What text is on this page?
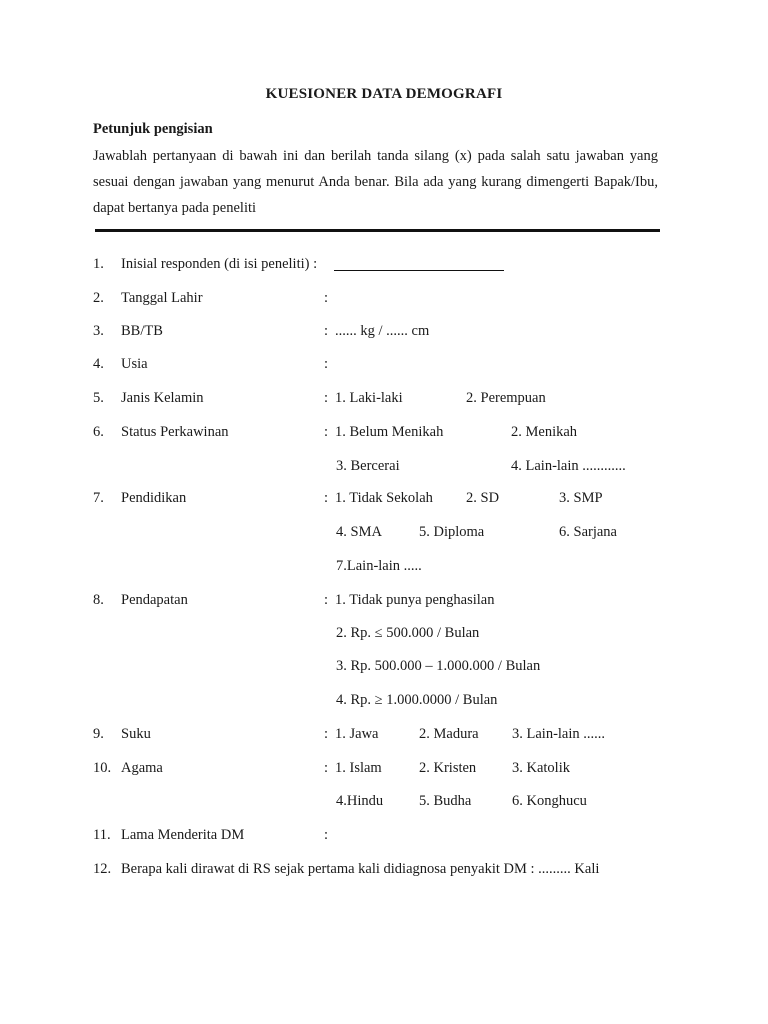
KUESIONER DATA DEMOGRAFI
Petunjuk pengisian
Jawablah pertanyaan di bawah ini dan berilah tanda silang (x) pada salah satu jawaban yang sesuai dengan jawaban yang menurut Anda benar. Bila ada yang kurang dimengerti Bapak/Ibu, dapat bertanya pada peneliti
1. Inisial responden (di isi peneliti) :
2. Tanggal Lahir	:
3. BB/TB	: ...... kg / ...... cm
4. Usia	:
5. Janis Kelamin	: 1. Laki-laki	2. Perempuan
6. Status Perkawinan	: 1. Belum Menikah	2. Menikah
3. Bercerai	4. Lain-lain ............
7. Pendidikan	: 1. Tidak Sekolah 2. SD	3. SMP
4. SMA	5. Diploma	6. Sarjana
7.Lain-lain .....
8. Pendapatan	: 1. Tidak punya penghasilan
2. Rp. ≤ 500.000 / Bulan
3. Rp. 500.000 – 1.000.000 / Bulan
4. Rp. ≥ 1.000.0000 / Bulan
9. Suku	: 1. Jawa	2. Madura 3. Lain-lain ......
10. Agama	: 1. Islam	2. Kristen 3. Katolik
4.Hindu 5. Budha	6. Konghucu
11. Lama Menderita DM	:
12. Berapa kali dirawat di RS sejak pertama kali didiagnosa penyakit DM : ......... Kali
